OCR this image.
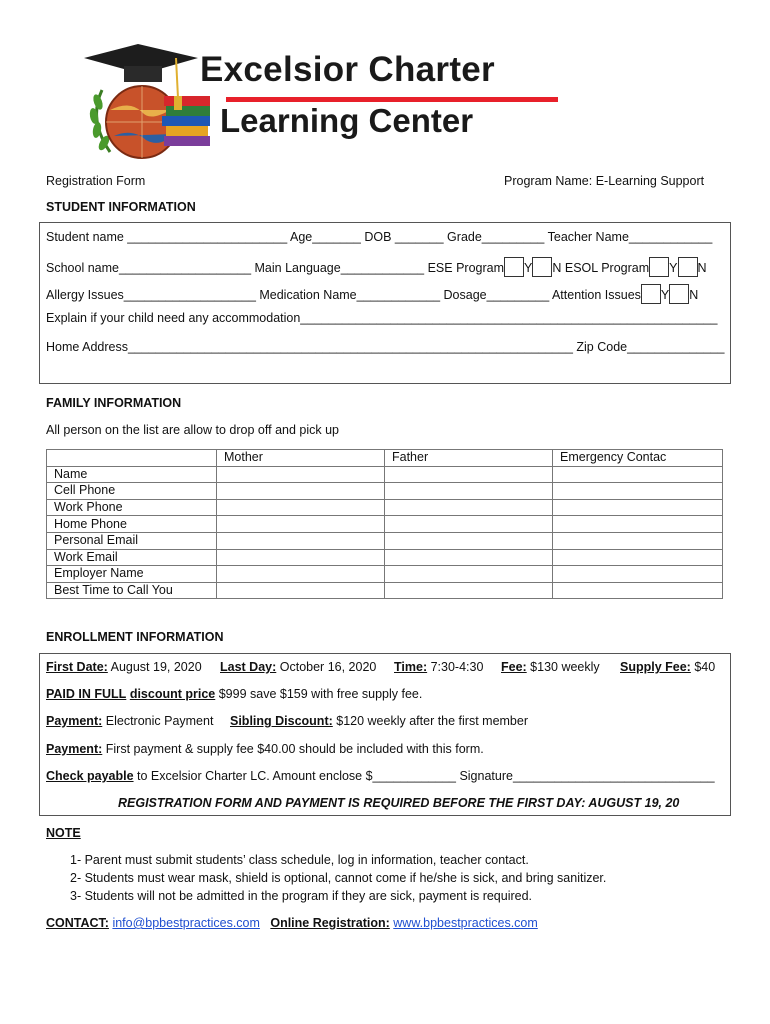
Excelsior Charter
Learning Center
Registration Form	Program Name: E-Learning Support
STUDENT INFORMATION
Student name _______________________ Age_______ DOB _______ Grade_________ Teacher Name____________
School name___________________ Main Language____________ ESE Program Y N ESOL Program Y N
Allergy Issues___________________ Medication Name____________ Dosage_________ Attention Issues Y N
Explain if your child need any accommodation____________________________________________________________
Home Address________________________________________________________________ Zip Code______________
FAMILY INFORMATION
All person on the list are allow to drop off and pick up
	Mother	Father	Emergency Contac
Name			
Cell Phone			
Work Phone			
Home Phone			
Personal Email			
Work Email			
Employer Name			
Best Time to Call You			
ENROLLMENT INFORMATION
First Date: August 19, 2020 Last Day: October 16, 2020 Time: 7:30-4:30 Fee: $130 weekly Supply Fee: $40
PAID IN FULL discount price $999 save $159 with free supply fee.
Payment: Electronic Payment Sibling Discount: $120 weekly after the first member
Payment: First payment & supply fee $40.00 should be included with this form.
Check payable to Excelsior Charter LC. Amount enclose $____________ Signature_____________________________
REGISTRATION FORM AND PAYMENT IS REQUIRED BEFORE THE FIRST DAY: AUGUST 19, 20
NOTE
1- Parent must submit students’ class schedule, log in information, teacher contact.
2- Students must wear mask, shield is optional, cannot come if he/she is sick, and bring sanitizer.
3- Students will not be admitted in the program if they are sick, payment is required.
CONTACT: info@bpbestpractices.com Online Registration: www.bpbestpractices.com
